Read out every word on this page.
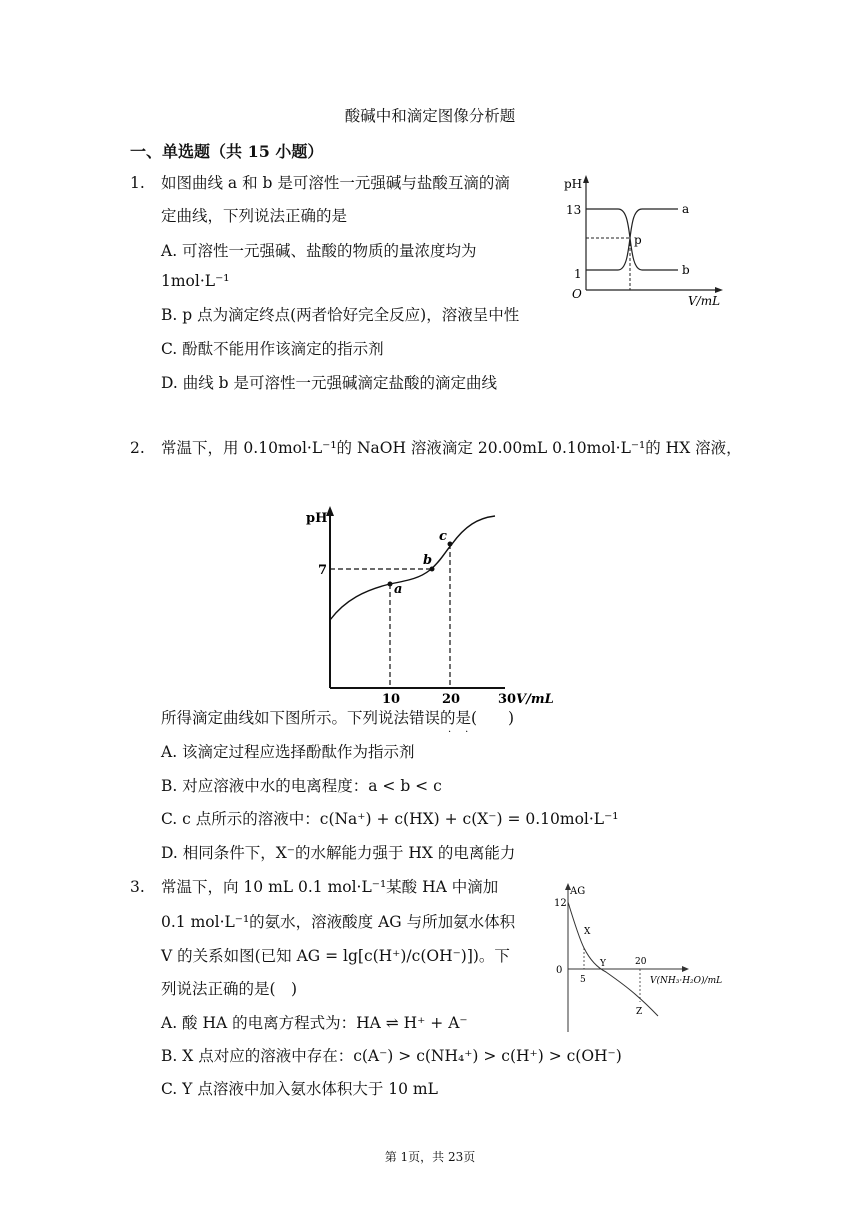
酸碱中和滴定图像分析题
一、单选题（共 15 小题）
1. 如图曲线 a 和 b 是可溶性一元强碱与盐酸互滴的滴
定曲线，下列说法正确的是
A. 可溶性一元强碱、盐酸的物质的量浓度均为
1mol·L⁻¹
B. p 点为滴定终点(两者恰好完全反应)，溶液呈中性
C. 酚酞不能用作该滴定的指示剂
D. 曲线 b 是可溶性一元强碱滴定盐酸的滴定曲线
pH
13
1
O	V/mL
a
b
p
2. 常温下，用 0.10mol·L⁻¹的 NaOH 溶液滴定 20.00mL 0.10mol·L⁻¹的 HX 溶液，
pH
7
a
b
c
10	20	30 V/mL
所得滴定曲线如下图所示。下列说法错误的是(　　)
··
A. 该滴定过程应选择酚酞作为指示剂
B. 对应溶液中水的电离程度：a < b < c
C. c 点所示的溶液中：c(Na⁺) + c(HX) + c(X⁻) = 0.10mol·L⁻¹
D. 相同条件下，X⁻的水解能力强于 HX 的电离能力
3. 常温下，向 10 mL 0.1 mol·L⁻¹某酸 HA 中滴加
0.1 mol·L⁻¹的氨水，溶液酸度 AG 与所加氨水体积
V 的关系如图(已知 AG = lg[c(H⁺)/c(OH⁻)])。下
列说法正确的是(　)
A. 酸 HA 的电离方程式为：HA ⇌ H⁺ + A⁻
B. X 点对应的溶液中存在：c(A⁻) > c(NH₄⁺) > c(H⁺) > c(OH⁻)
C. Y 点溶液中加入氨水体积大于 10 mL
AG
12
0
5
20
V(NH₃·H₂O)/mL
X
Y
Z
第 1页，共 23页
